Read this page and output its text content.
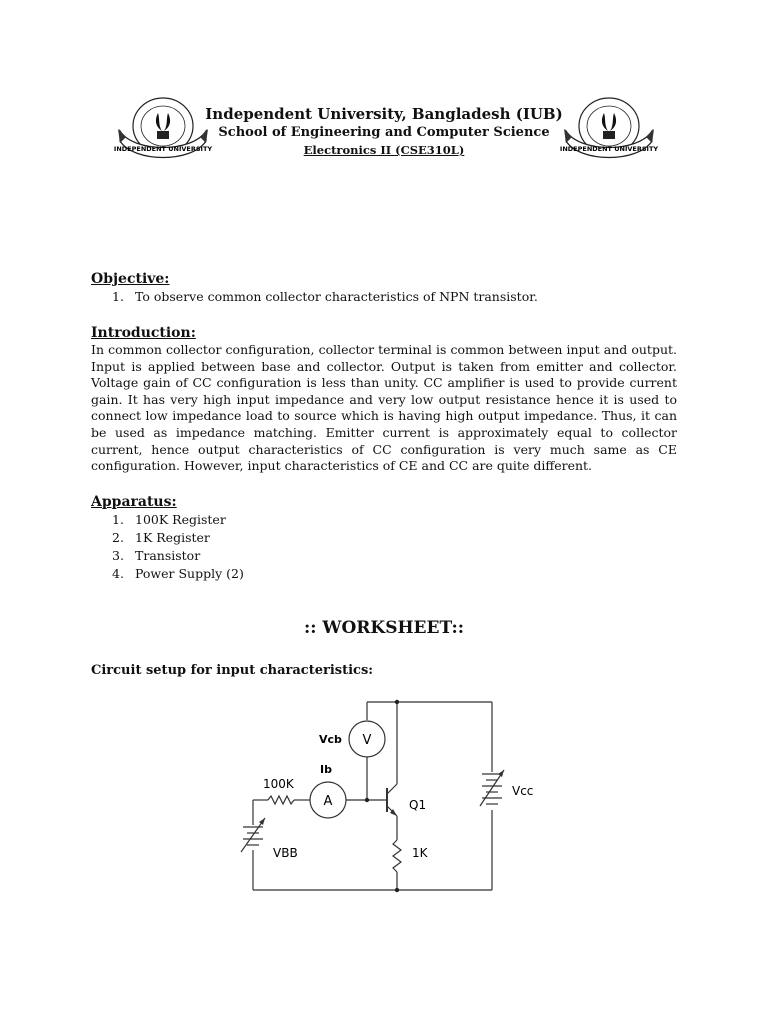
INDEPENDENT UNIVERSITY	INDEPENDENT UNIVERSITY
Independent University, Bangladesh (IUB)
School of Engineering and Computer Science
Electronics II (CSE310L)
Objective:
1. To observe common collector characteristics of NPN transistor.
Introduction:

In common collector configuration, collector terminal is common between input and output. Input is applied between base and collector. Output is taken from emitter and collector. Voltage gain of CC configuration is less than unity. CC amplifier is used to provide current gain. It has very high input impedance and very low output resistance hence it is used to connect low impedance load to source which is having high output impedance. Thus, it can be used as impedance matching. Emitter current is approximately equal to collector current, hence output characteristics of CC configuration is very much same as CE configuration. However, input characteristics of CE and CC are quite different.

Apparatus:
1. 100K Register
2. 1K Register
3. Transistor
4. Power Supply (2)
:: WORKSHEET::
Circuit setup for input characteristics:
Vcb V
Ib
100K
A	Q1
Vcc
VBB	1K
